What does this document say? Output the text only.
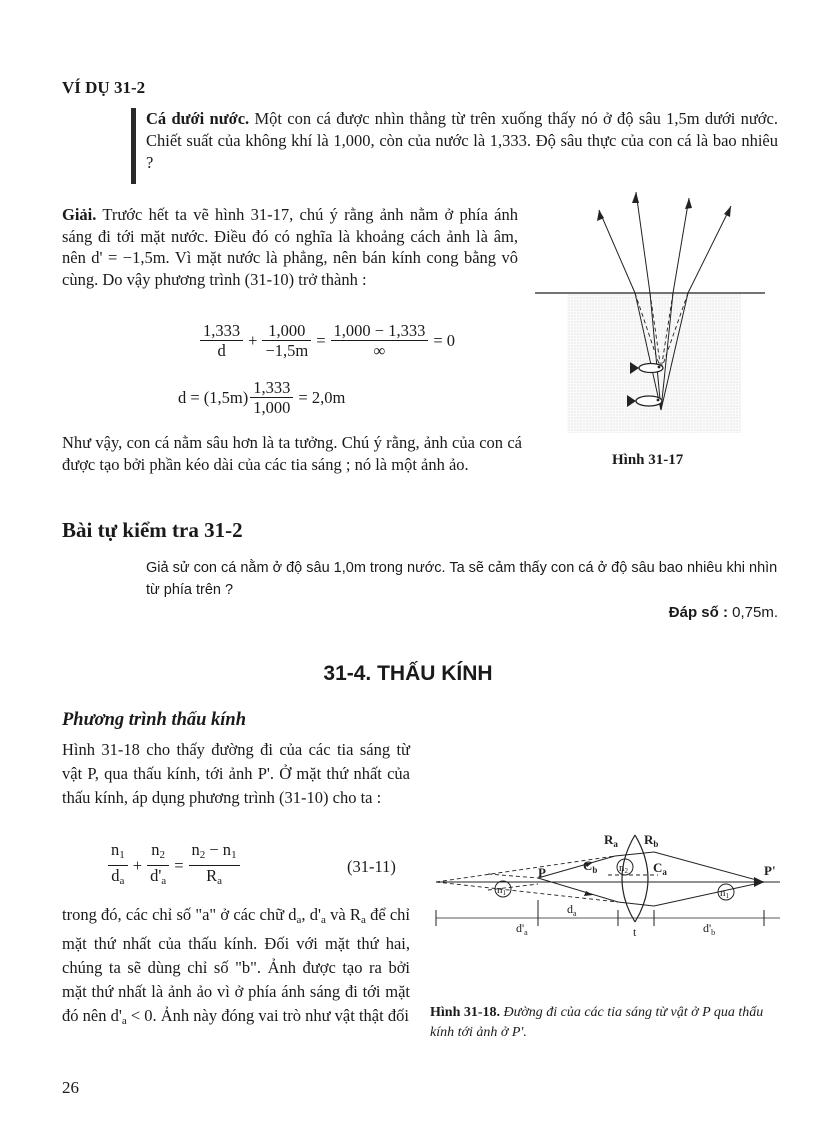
VÍ DỤ 31-2
Cá dưới nước. Một con cá được nhìn thẳng từ trên xuống thấy nó ở độ sâu 1,5m dưới nước. Chiết suất của không khí là 1,000, còn của nước là 1,333. Độ sâu thực của con cá là bao nhiêu ?
Giải. Trước hết ta vẽ hình 31-17, chú ý rằng ảnh nằm ở phía ánh sáng đi tới mặt nước. Điều đó có nghĩa là khoảng cách ảnh là âm, nên d' = −1,5m. Vì mặt nước là phẳng, nên bán kính cong bằng vô cùng. Do vậy phương trình (31-10) trở thành :
$\frac{1,333}{d} + \frac{1,000}{-1,5m} = \frac{1,000 - 1,333}{\infty} = 0$
$d = (1,5m) \frac{1,333}{1,000} = 2,0m$
Như vậy, con cá nằm sâu hơn là ta tưởng. Chú ý rằng, ảnh của con cá được tạo bởi phần kéo dài của các tia sáng ; nó là một ảnh ảo.	Hình 31-17
Bài tự kiểm tra 31-2
Giả sử con cá nằm ở độ sâu 1,0m trong nước. Ta sẽ cảm thấy con cá ở độ sâu bao nhiêu khi nhìn từ phía trên ?
Đáp số : 0,75m.
31-4. THẤU KÍNH
Phương trình thấu kính
Hình 31-18 cho thấy đường đi của các tia sáng từ vật P, qua thấu kính, tới ảnh P'. Ở mặt thứ nhất của thấu kính, áp dụng phương trình (31-10) cho ta :
$\frac{n_1}{d_a} + \frac{n_2}{d'_a} = \frac{n_2 - n_1}{R_a}$	(31-11)
trong đó, các chỉ số "a" ở các chữ $d_a$, $d'_a$ và $R_a$ để chỉ mặt thứ nhất của thấu kính. Đối với mặt thứ hai, chúng ta sẽ dùng chỉ số "b". Ảnh được tạo ra bởi mặt thứ nhất là ảnh ảo vì ở phía ánh sáng đi tới mặt đó nên $d'_a < 0$. Ảnh này đóng vai trò như vật thật đối
$R_a$ $R_b$
P	P'
$C_b$	$C_a$
n2
n1	n1
$d_a$
$d'_a$	$d'_b$
t
Hình 31-18. Đường đi của các tia sáng từ vật ở P qua thấu kính tới ảnh ở P'.
26
